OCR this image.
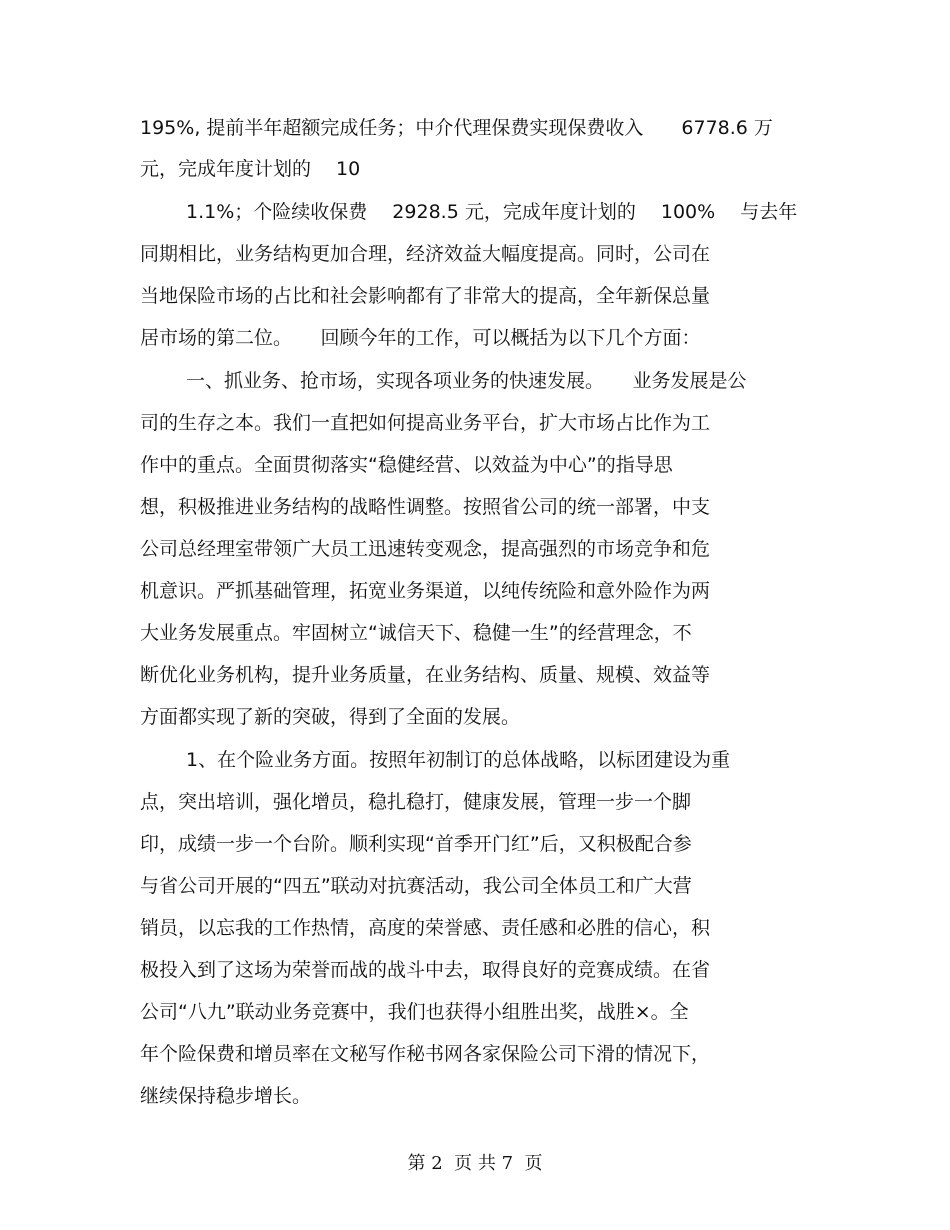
195%, 提前半年超额完成任务；中介代理保费实现保费收入　　6778.6 万
元，完成年度计划的　 10
1.1%；个险续收保费　 2928.5 元，完成年度计划的　 100%　 与去年
同期相比，业务结构更加合理，经济效益大幅度提高。同时，公司在
当地保险市场的占比和社会影响都有了非常大的提高，全年新保总量
居市场的第二位。　　回顾今年的工作，可以概括为以下几个方面：
一、抓业务、抢市场，实现各项业务的快速发展。　　业务发展是公
司的生存之本。我们一直把如何提高业务平台，扩大市场占比作为工
作中的重点。全面贯彻落实“稳健经营、以效益为中心”的指导思
想，积极推进业务结构的战略性调整。按照省公司的统一部署，中支
公司总经理室带领广大员工迅速转变观念，提高强烈的市场竞争和危
机意识。严抓基础管理，拓宽业务渠道，以纯传统险和意外险作为两
大业务发展重点。牢固树立“诚信天下、稳健一生”的经营理念，不
断优化业务机构，提升业务质量，在业务结构、质量、规模、效益等
方面都实现了新的突破，得到了全面的发展。
1、在个险业务方面。按照年初制订的总体战略，以标团建设为重
点，突出培训，强化增员，稳扎稳打，健康发展，管理一步一个脚
印，成绩一步一个台阶。顺利实现“首季开门红”后，又积极配合参
与省公司开展的“四五”联动对抗赛活动，我公司全体员工和广大营
销员，以忘我的工作热情，高度的荣誉感、责任感和必胜的信心，积
极投入到了这场为荣誉而战的战斗中去，取得良好的竞赛成绩。在省
公司“八九”联动业务竞赛中，我们也获得小组胜出奖，战胜×。全
年个险保费和增员率在文秘写作秘书网各家保险公司下滑的情况下，
继续保持稳步增长。
第 2  页 共 7  页
